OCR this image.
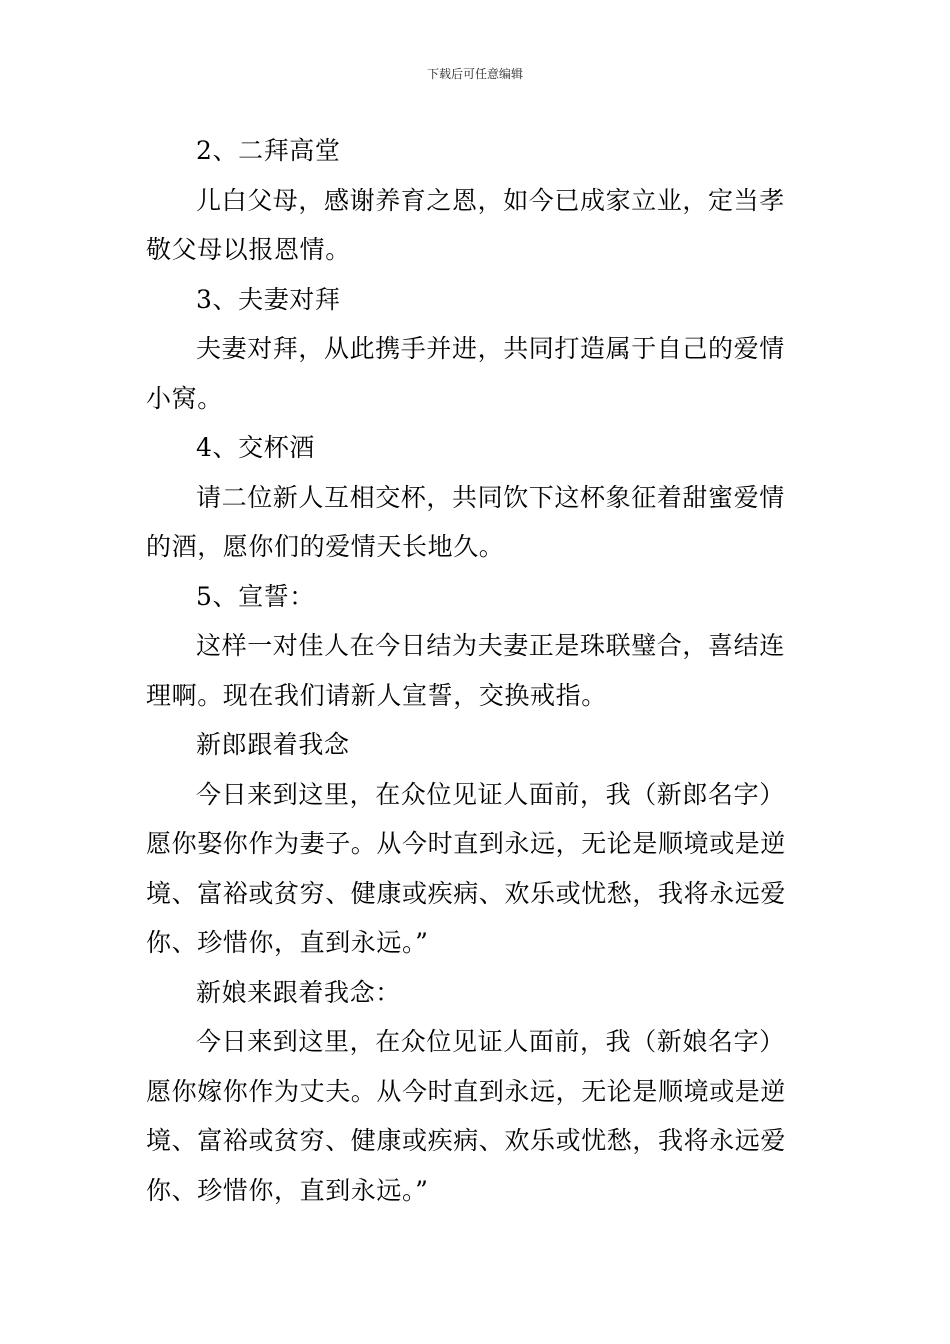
下载后可任意编辑

2、二拜高堂

儿白父母，感谢养育之恩，如今已成家立业，定当孝敬父母以报恩情。

3、夫妻对拜

夫妻对拜，从此携手并进，共同打造属于自己的爱情小窝。

4、交杯酒

请二位新人互相交杯，共同饮下这杯象征着甜蜜爱情的酒，愿你们的爱情天长地久。

5、宣誓：

这样一对佳人在今日结为夫妻正是珠联璧合，喜结连理啊。现在我们请新人宣誓，交换戒指。

新郎跟着我念

今日来到这里，在众位见证人面前，我（新郎名字）愿你娶你作为妻子。从今时直到永远，无论是顺境或是逆境、富裕或贫穷、健康或疾病、欢乐或忧愁，我将永远爱你、珍惜你，直到永远。”

新娘来跟着我念：

今日来到这里，在众位见证人面前，我（新娘名字）愿你嫁你作为丈夫。从今时直到永远，无论是顺境或是逆境、富裕或贫穷、健康或疾病、欢乐或忧愁，我将永远爱你、珍惜你，直到永远。”
